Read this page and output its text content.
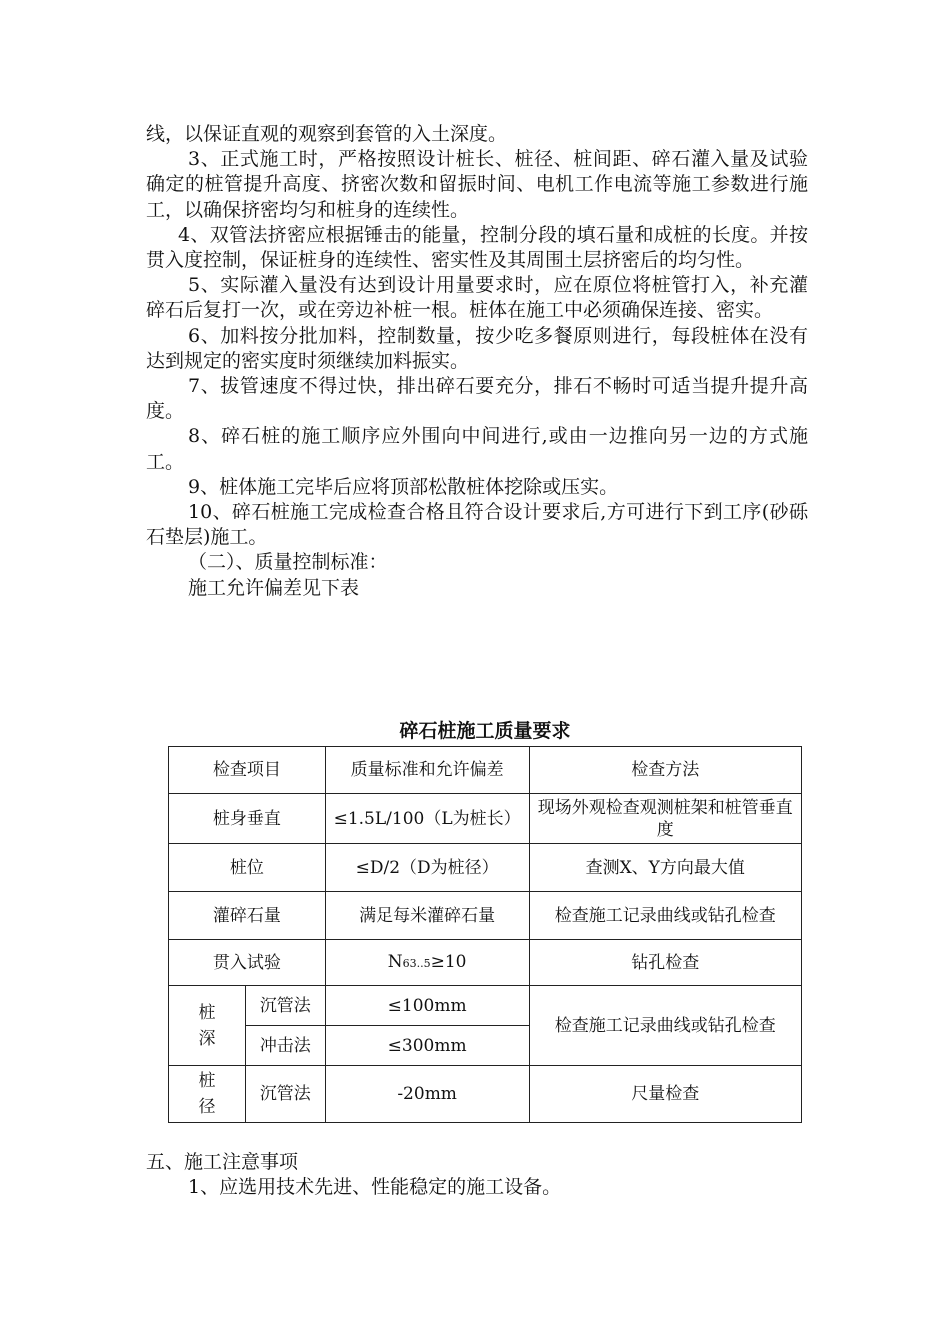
线，以保证直观的观察到套管的入土深度。

3、正式施工时，严格按照设计桩长、桩径、桩间距、碎石灌入量及试验确定的桩管提升高度、挤密次数和留振时间、电机工作电流等施工参数进行施工，以确保挤密均匀和桩身的连续性。

4、双管法挤密应根据锤击的能量，控制分段的填石量和成桩的长度。并按贯入度控制，保证桩身的连续性、密实性及其周围土层挤密后的均匀性。

5、实际灌入量没有达到设计用量要求时，应在原位将桩管打入，补充灌碎石后复打一次，或在旁边补桩一根。桩体在施工中必须确保连接、密实。

6、加料按分批加料，控制数量，按少吃多餐原则进行，每段桩体在没有达到规定的密实度时须继续加料振实。

7、拔管速度不得过快，排出碎石要充分，排石不畅时可适当提升提升高度。

8、碎石桩的施工顺序应外围向中间进行,或由一边推向另一边的方式施工。

9、桩体施工完毕后应将顶部松散桩体挖除或压实。

10、碎石桩施工完成检查合格且符合设计要求后,方可进行下到工序(砂砾石垫层)施工。

（二）、质量控制标准：

施工允许偏差见下表

碎石桩施工质量要求

检查项目		质量标准和允许偏差	检查方法
桩身垂直		≤1.5L/100（L为桩长）	现场外观检查观测桩架和桩管垂直度
桩位		≤D/2（D为桩径）	查测X、Y方向最大值
灌碎石量		满足每米灌碎石量	检查施工记录曲线或钻孔检查
贯入试验		N63..5≥10	钻孔检查
桩深	沉管法	≤100mm	检查施工记录曲线或钻孔检查
	冲击法	≤300mm	
桩径	沉管法	-20mm	尺量检查

五、施工注意事项

1、应选用技术先进、性能稳定的施工设备。
